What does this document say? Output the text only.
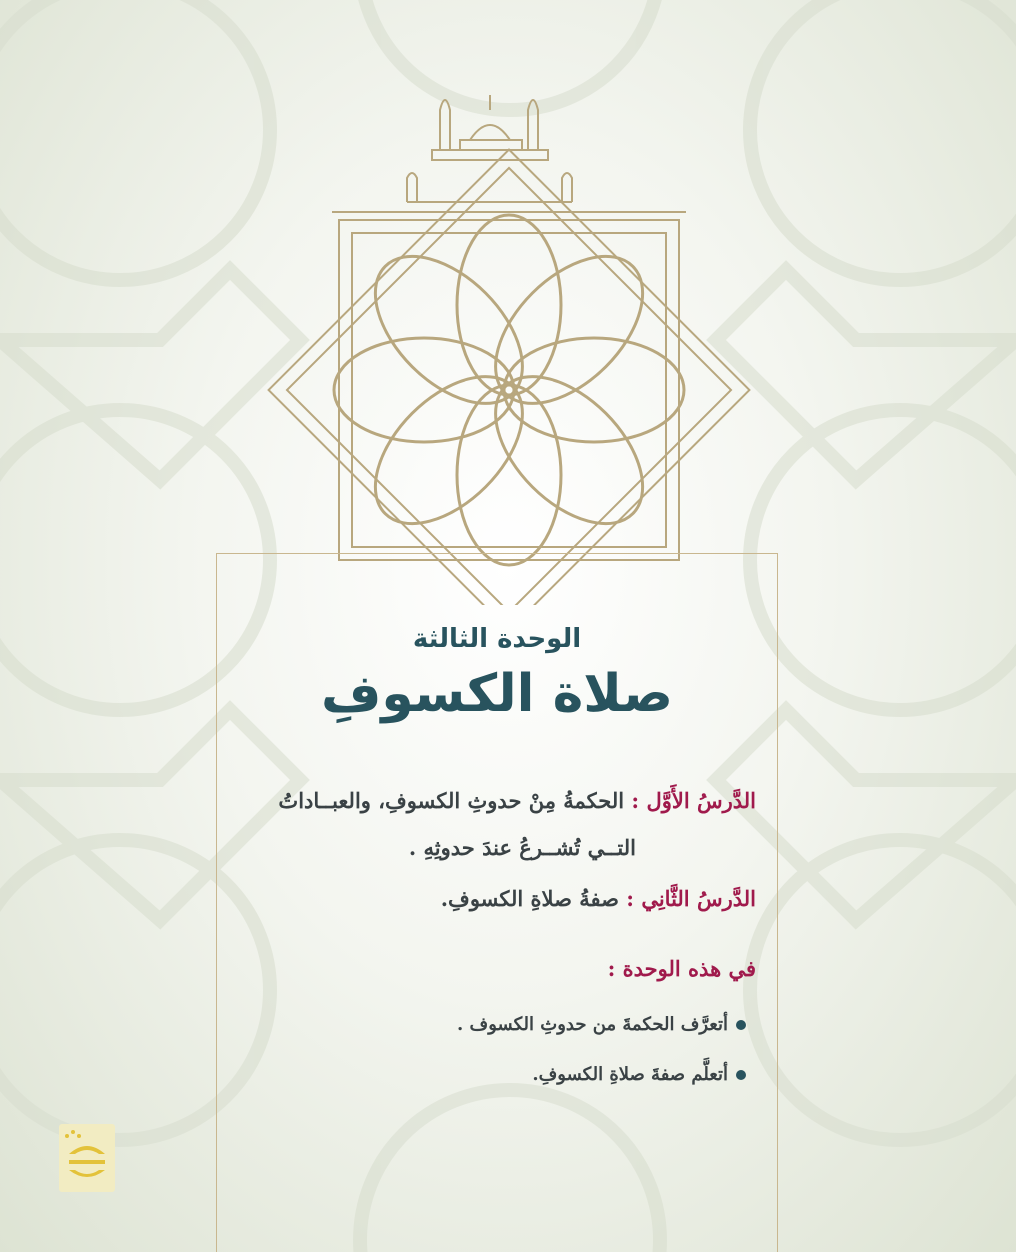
الوحدة الثالثة
صلاة الكسوفِ
الدَّرسُ الأَوَّل : الحكمةُ مِنْ حدوثِ الكسوفِ، والعبــاداتُ
التــي تُشــرعُ عندَ حدوثِهِ .
الدَّرسُ الثَّانِي : صفةُ صلاةِ الكسوفِ.
في هذه الوحدة :
أتعرَّف الحكمةَ من حدوثِ الكسوف .
أتعلَّم صفةَ صلاةِ الكسوفِ.
